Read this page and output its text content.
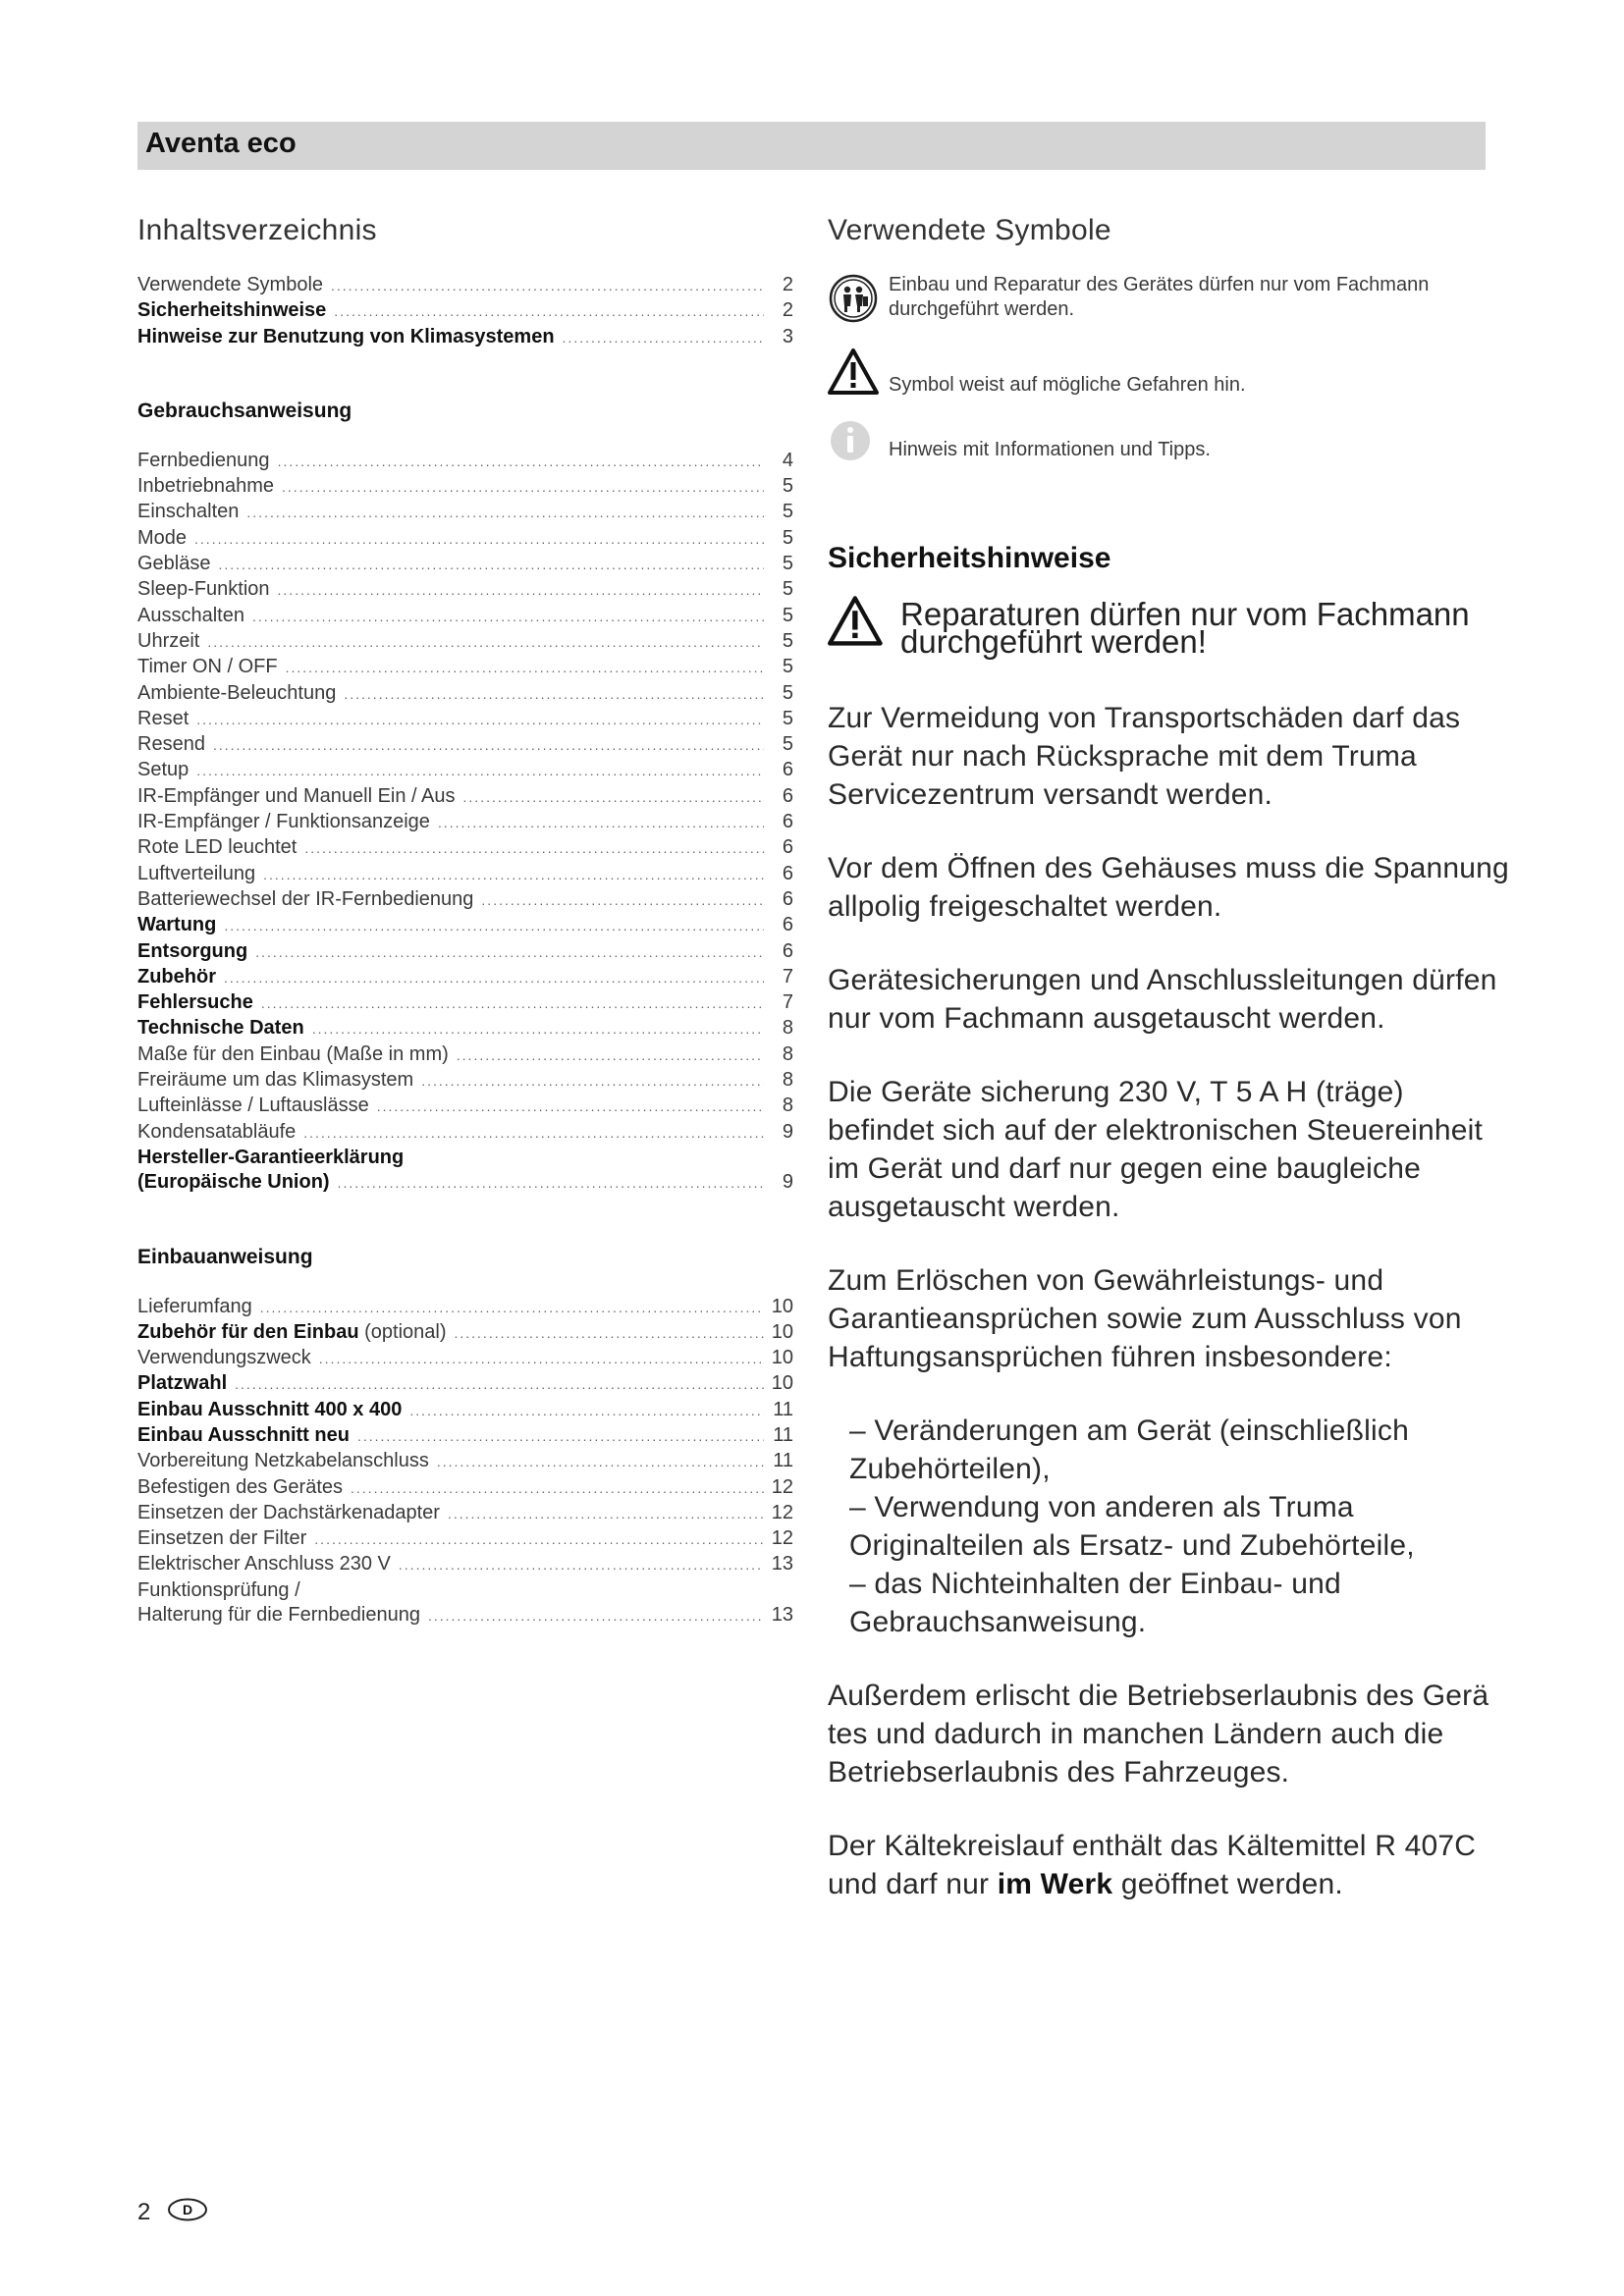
Aventa eco
Inhaltsverzeichnis
Verwendete Symbole .....	2
Sicherheitshinweise .....	2
Hinweise zur Benutzung von Klimasystemen .....	3
Gebrauchsanweisung
Fernbedienung .....	4
Inbetriebnahme .....	5
Einschalten .....	5
Mode .....	5
Gebläse .....	5
Sleep-Funktion .....	5
Ausschalten .....	5
Uhrzeit .....	5
Timer ON / OFF .....	5
Ambiente-Beleuchtung .....	5
Reset .....	5
Resend .....	5
Setup .....	6
IR-Empfänger und Manuell Ein / Aus .....	6
IR-Empfänger / Funktionsanzeige .....	6
Rote LED leuchtet .....	6
Luftverteilung .....	6
Batteriewechsel der IR-Fernbedienung .....	6
Wartung .....	6
Entsorgung .....	6
Zubehör .....	7
Fehlersuche .....	7
Technische Daten .....	8
Maße für den Einbau (Maße in mm) .....	8
Freiräume um das Klimasystem .....	8
Lufteinlässe / Luftauslässe .....	8
Kondensatabläufe .....	9
Hersteller-Garantieerklärung
(Europäische Union) .....	9
Einbauanweisung
Lieferumfang .....	10
Zubehör für den Einbau (optional) .....	10
Verwendungszweck .....	10
Platzwahl .....	10
Einbau Ausschnitt 400 x 400 .....	11
Einbau Ausschnitt neu .....	11
Vorbereitung Netzkabelanschluss .....	11
Befestigen des Gerätes .....	12
Einsetzen der Dachstärkenadapter .....	12
Einsetzen der Filter .....	12
Elektrischer Anschluss 230 V .....	13
Funktionsprüfung /
Halterung für die Fernbedienung .....	13
Verwendete Symbole
Einbau und Reparatur des Gerätes dürfen nur vom Fachmann durchgeführt werden.
Symbol weist auf mögliche Gefahren hin.
Hinweis mit Informationen und Tipps.
Sicherheitshinweise
Reparaturen dürfen nur vom Fachmann durchgeführt werden!

Zur Vermeidung von Transportschäden darf das Gerät nur nach Rücksprache mit dem Truma Servicezentrum versandt werden.

Vor dem Öffnen des Gehäuses muss die Spannung allpolig freigeschaltet werden.

Gerätesicherungen und Anschlussleitungen dürfen nur vom Fachmann ausgetauscht werden.

Die Geräte sicherung 230 V, T 5 A H (träge) befindet sich auf der elektronischen Steuereinheit im Gerät und darf nur gegen eine baugleiche ausgetauscht werden.

Zum Erlöschen von Gewährleistungs- und Garantieansprüchen sowie zum Ausschluss von Haftungsansprüchen führen insbesondere:

– Veränderungen am Gerät (einschließlich Zubehörteilen),
– Verwendung von anderen als Truma Originalteilen als Ersatz- und Zubehörteile,
– das Nichteinhalten der Einbau- und Gebrauchsanweisung.

Außerdem erlischt die Betriebserlaubnis des Gerä tes und dadurch in manchen Ländern auch die Betriebserlaubnis des Fahrzeuges.

Der Kältekreislauf enthält das Kältemittel R 407C und darf nur im Werk geöffnet werden.

2 D
